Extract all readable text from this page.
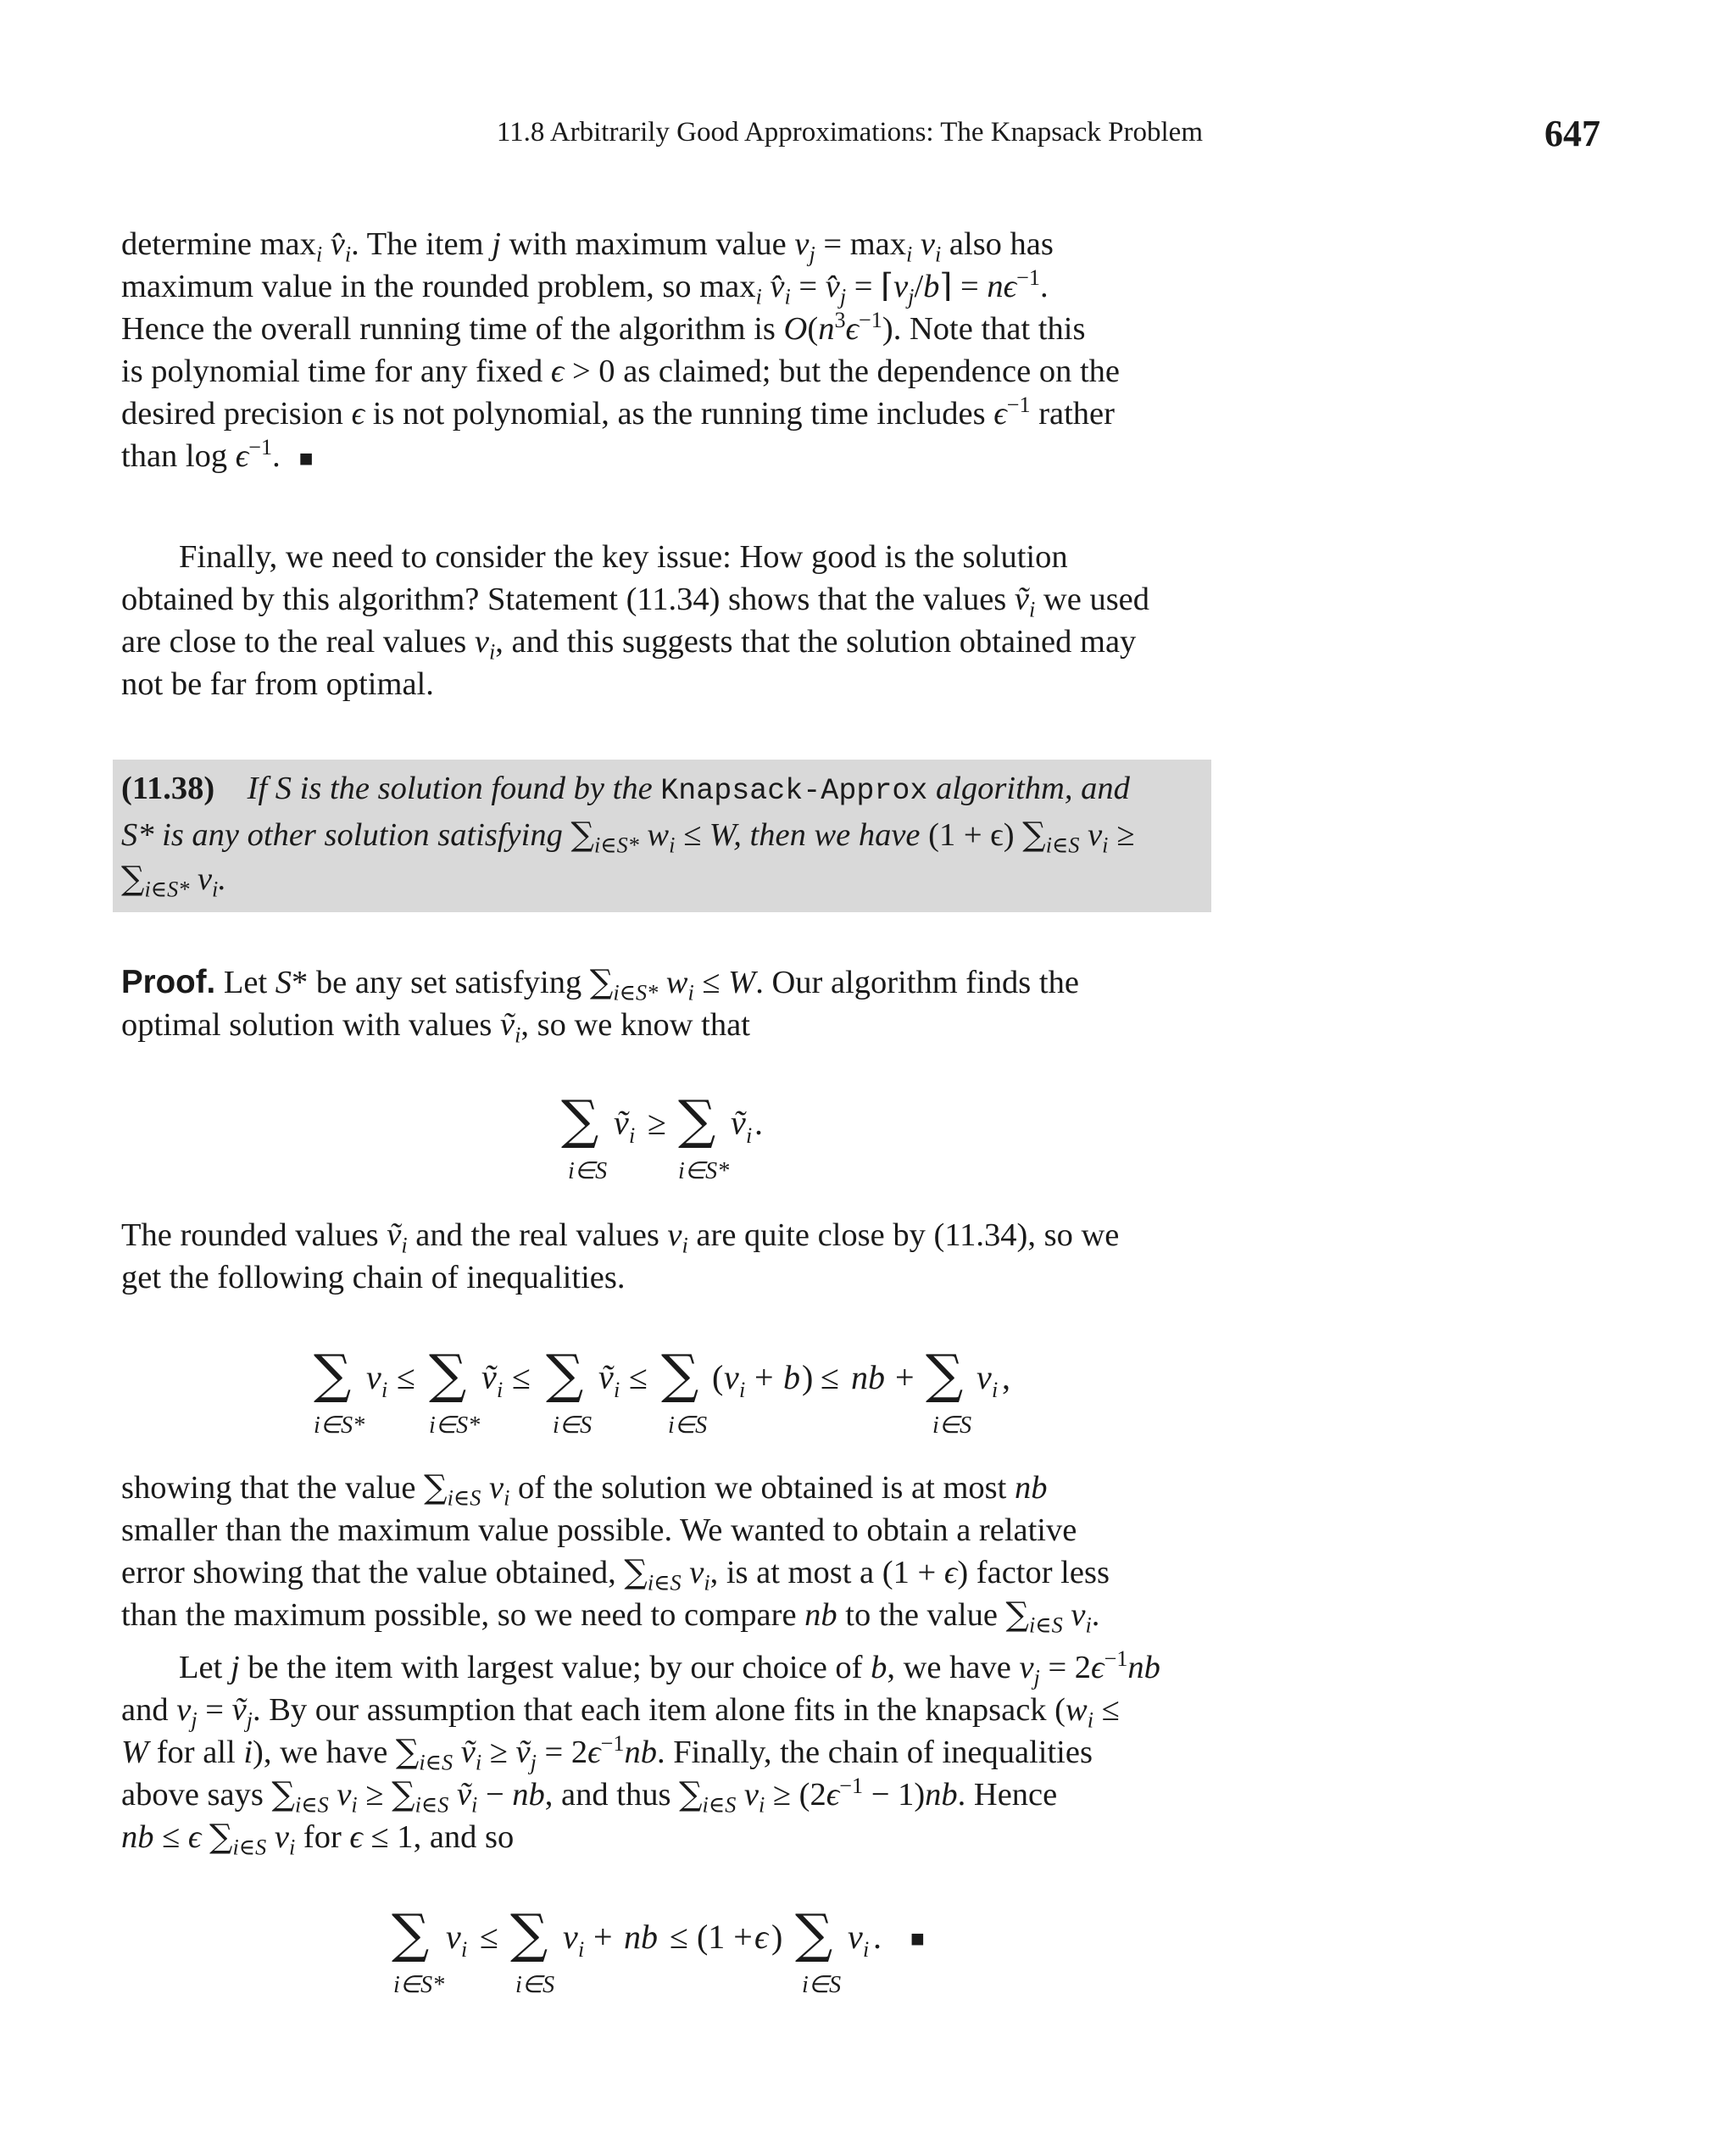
11.8 Arbitrarily Good Approximations: The Knapsack Problem	647
determine $\max_i$ $v̂_i$. The item j with maximum value $v_j = \max_i v_i$ also has
maximum value in the rounded problem, so $\max_i$ $v̂_i$ = $v̂_j$ = $⌈v_j/b⌉ = n\epsilon^{-1}$.
Hence the overall running time of the algorithm is $O(n^3\epsilon^{-1})$. Note that this
is polynomial time for any fixed ϵ > 0 as claimed; but the dependence on the
desired precision ϵ is not polynomial, as the running time includes $\epsilon^{-1}$ rather
than $\log \epsilon^{-1}$. ■
Finally, we need to consider the key issue: How good is the solution
obtained by this algorithm? Statement (11.34) shows that the values ṽ$_i$ we used
are close to the real values $v_i$, and this suggests that the solution obtained may
not be far from optimal.
(11.38) If S is the solution found by the Knapsack-Approx algorithm, and
S* is any other solution satisfying $\sum_{i\in S*}$ $w_i \le W$, then we have (1 + ϵ) $\sum_{i\in S}$ $v_i$ ≥
$\sum_{i\in S*}$ $v_i$.
Proof. Let S* be any set satisfying $\sum_{i\in S*}$ $w_i \le W$. Our algorithm finds the
optimal solution with values ṽ$_i$, so we know that
∑ ṽ i ≥ ∑ ṽ i .
i∈S	i∈S*
The rounded values ṽ$_i$ and the real values $v_i$ are quite close by (11.34), so we
get the following chain of inequalities.
∑ v i ≤ ∑ ṽ i ≤ ∑ ṽ i ≤ ∑ ( v i + b ) ≤ nb + ∑ v i ,
i∈S*	i∈S*	i∈S	i∈S	i∈S
showing that the value $\sum_{i\in S}$ $v_i$ of the solution we obtained is at most nb
smaller than the maximum value possible. We wanted to obtain a relative
error showing that the value obtained, $\sum_{i\in S}$ $v_i$, is at most a (1 + ϵ) factor less
than the maximum possible, so we need to compare nb to the value $\sum_{i\in S}$ $v_i$.
Let j be the item with largest value; by our choice of b, we have $v_j = 2\epsilon^{-1}nb$
and $v_j$ = ṽ$_j$. By our assumption that each item alone fits in the knapsack ($w_i$ ≤
W for all i), we have $\sum_{i\in S}$ ṽ$_i$ ≥ ṽ$_j$ = $2\epsilon^{-1}nb$. Finally, the chain of inequalities
above says $\sum_{i\in S}$ $v_i \ge \sum_{i\in S}$ ṽ$_i$ − nb, and thus $\sum_{i\in S}$ $v_i \ge (2\epsilon^{-1} - 1)nb$. Hence
nb ≤ ϵ $\sum_{i\in S}$ $v_i$ for ϵ ≤ 1, and so
∑ v i ≤ ∑ v i + nb ≤ (1 + ϵ ) ∑ v i . ■
i∈S*	i∈S	i∈S
